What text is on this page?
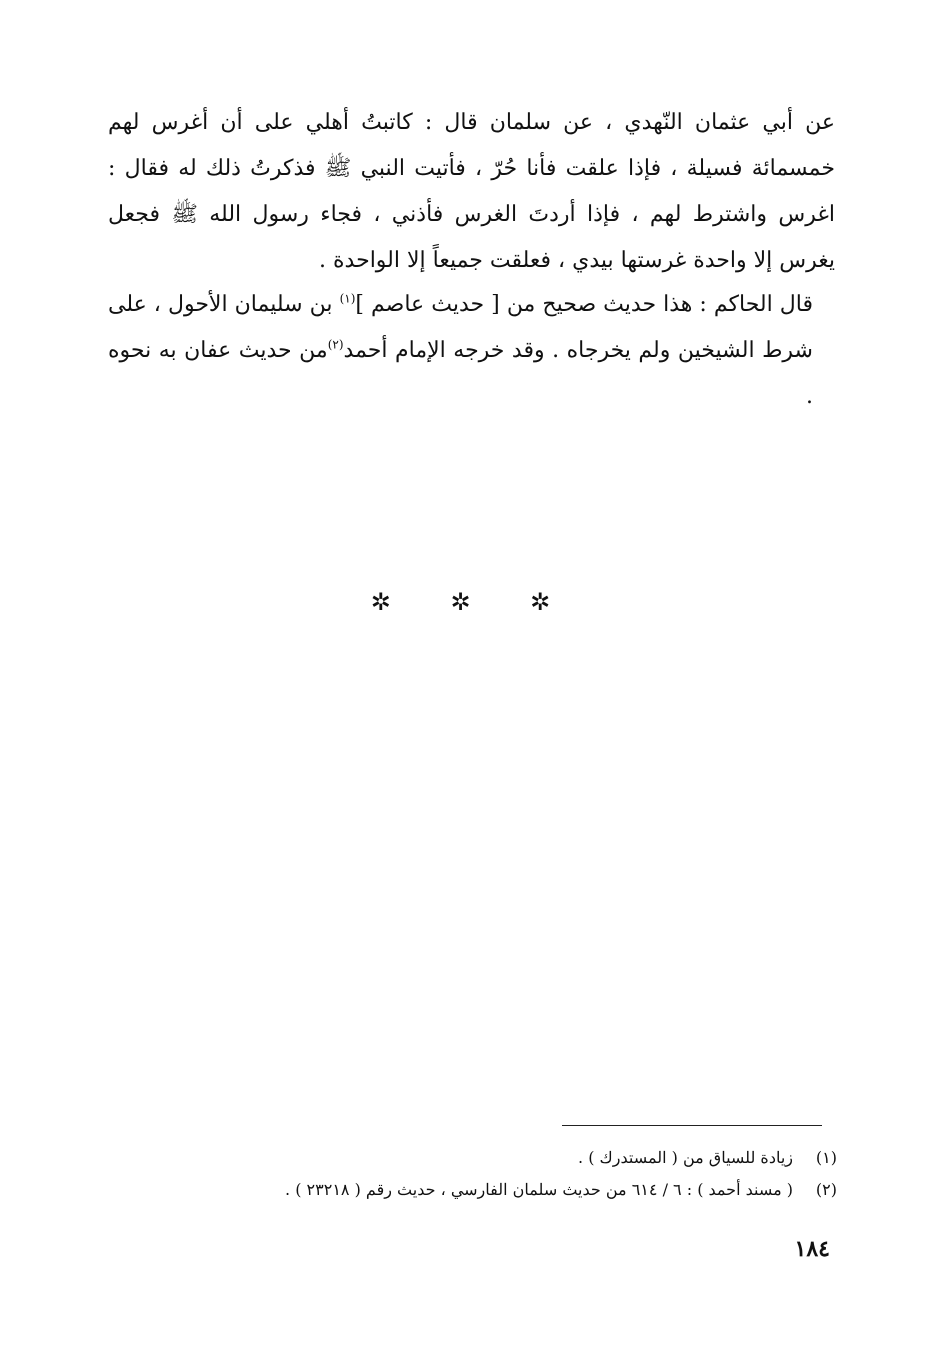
عن أبي عثمان النّهدي ، عن سلمان قال : كاتبتُ أهلي على أن أغرس لهم خمسمائة فسيلة ، فإذا علقت فأنا حُرّ ، فأتيت النبي ﷺ فذكرتُ ذلك له فقال : اغرس واشترط لهم ، فإذا أردتَ الغرس فأذني ، فجاء رسول الله ﷺ فجعل يغرس إلا واحدة غرستها بيدي ، فعلقت جميعاً إلا الواحدة .

قال الحاكم : هذا حديث صحيح من [ حديث عاصم ]$^{(١)}$ بن سليمان الأحول ، على شرط الشيخين ولم يخرجاه . وقد خرجه الإمام أحمد$^{(٢)}$من حديث عفان به نحوه .

✲ ✲ ✲
(١)
زيادة للسياق من ( المستدرك ) .
(٢)
( مسند أحمد ) : ٦ / ٦١٤ من حديث سلمان الفارسي ، حديث رقم ( ٢٣٢١٨ ) .
١٨٤
